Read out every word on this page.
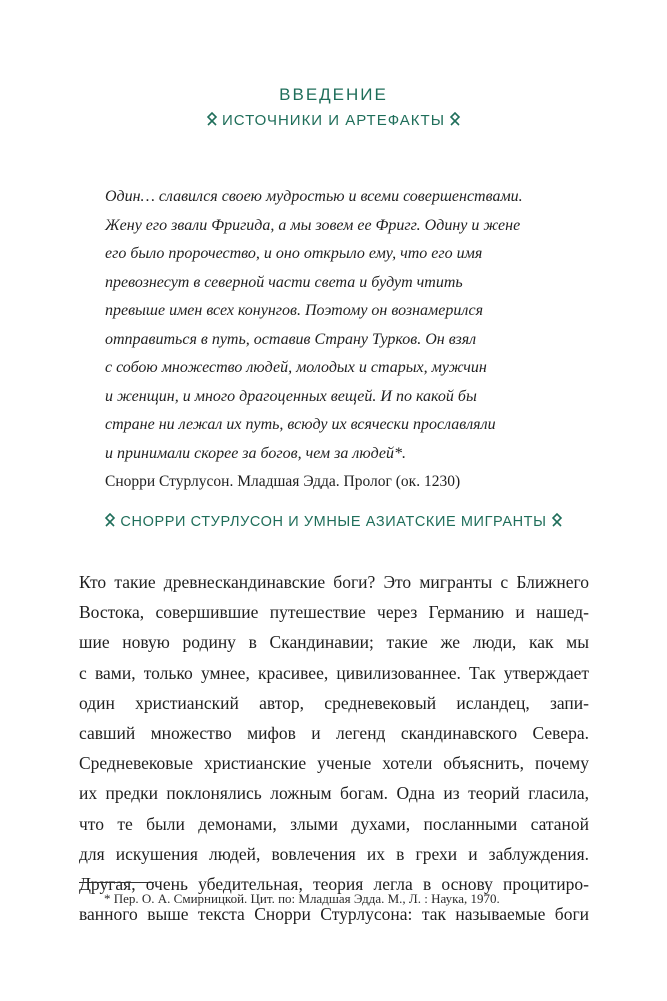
ВВЕДЕНИЕ
ИСТОЧНИКИ И АРТЕФАКТЫ
Один… славился своею мудростью и всеми совершенствами.
Жену его звали Фригида, а мы зовем ее Фригг. Одину и жене
его было пророчество, и оно открыло ему, что его имя
превознесут в северной части света и будут чтить
превыше имен всех конунгов. Поэтому он вознамерился
отправиться в путь, оставив Страну Турков. Он взял
с собою множество людей, молодых и старых, мужчин
и женщин, и много драгоценных вещей. И по какой бы
стране ни лежал их путь, всюду их всячески прославляли
и принимали скорее за богов, чем за людей*.
Снорри Стурлусон. Младшая Эдда. Пролог (ок. 1230)
СНОРРИ СТУРЛУСОН И УМНЫЕ АЗИАТСКИЕ МИГРАНТЫ
Кто такие древнескандинавские боги? Это мигранты с Ближнего
Востока, совершившие путешествие через Германию и нашед-
шие новую родину в Скандинавии; такие же люди, как мы
с вами, только умнее, красивее, цивилизованнее. Так утверждает
один христианский автор, средневековый исландец, запи-
савший множество мифов и легенд скандинавского Севера.
Средневековые христианские ученые хотели объяснить, почему
их предки поклонялись ложным богам. Одна из теорий гласила,
что те были демонами, злыми духами, посланными сатаной
для искушения людей, вовлечения их в грехи и заблуждения.
Другая, очень убедительная, теория легла в основу процитиро-
ванного выше текста Снорри Стурлусона: так называемые боги
* Пер. О. А. Смирницкой. Цит. по: Младшая Эдда. М., Л. : Наука, 1970.
